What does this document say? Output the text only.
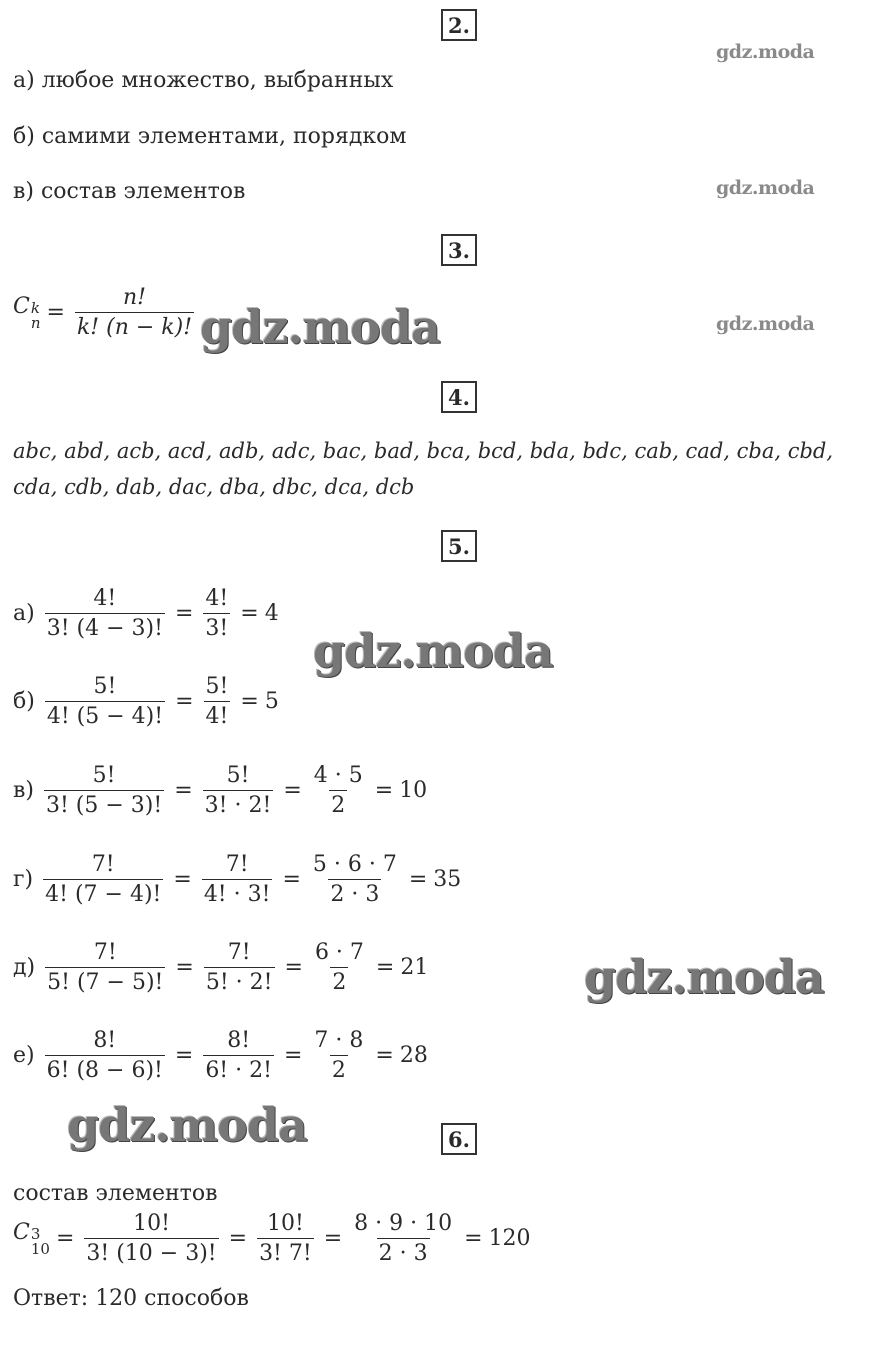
2 .
gdz.moda
а) любое множество, выбранных
б) самими элементами, порядком
в) состав элементов	gdz.moda
3 .
C k
$n = \frac{n!}{k! (n - k)!}$ gdz.moda	gdz.moda
4 .
abc, abd, acb, acd, adb, adc, bac, bad, bca, bcd, bda, bdc, cab, cad, cba, cbd,
cda, cdb, dab, dac, dba, dbc, dca, dcb
5 .
$а) \frac{4!}{3! (4 - 3)!} = \frac{4!}{3!} = 4$
gdz.moda
$б) \frac{5!}{4! (5 - 4)!} = \frac{5!}{4!} = 5$
$в) \frac{5!}{3! (5 - 3)!} = \frac{5!}{3! \cdot 2!} = \frac{4 \cdot 5}{2} = 10$
$г) \frac{7!}{4! (7 - 4)!} = \frac{7!}{4! \cdot 3!} = \frac{5 \cdot 6 \cdot 7}{2 \cdot 3} = 35$
$д) \frac{7!}{5! (7 - 5)!} = \frac{7!}{5! \cdot 2!} = \frac{6 \cdot 7}{2} = 21$	gdz.moda
$е) \frac{8!}{6! (8 - 6)!} = \frac{8!}{6! \cdot 2!} = \frac{7 \cdot 8}{2} = 28$
gdz.moda	6 .
состав элементов
C 3
$10 = \frac{10!}{3! (10 - 3)!} = \frac{10!}{3! 7!} = \frac{8 \cdot 9 \cdot 10}{2 \cdot 3} = 120$
Ответ: 120 способов
